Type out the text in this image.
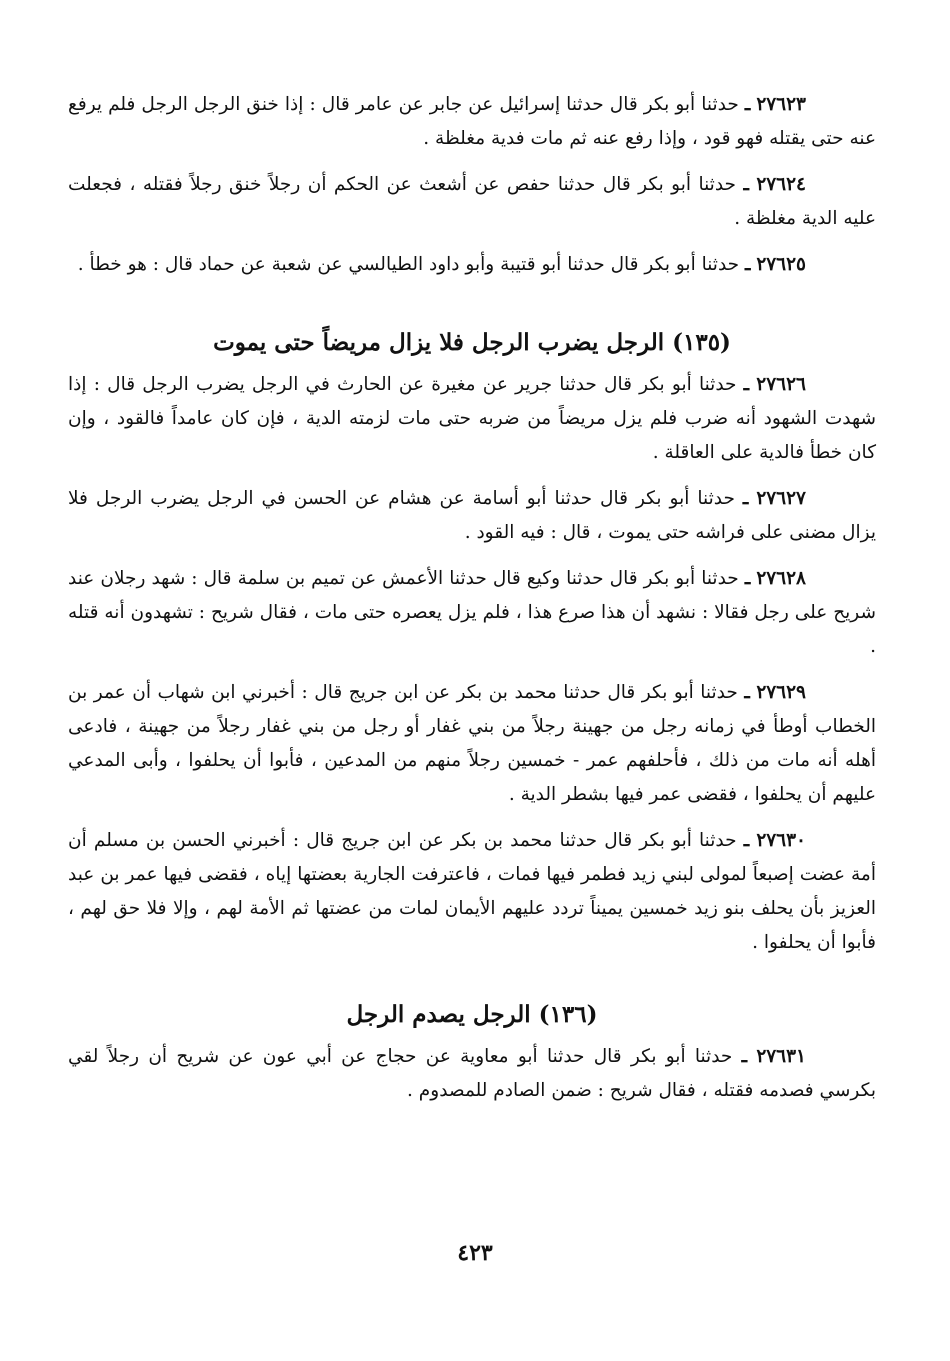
٢٧٦٢٣ ـ حدثنا أبو بكر قال حدثنا إسرائيل عن جابر عن عامر قال : إذا خنق الرجل الرجل فلم يرفع عنه حتى يقتله فهو قود ، وإذا رفع عنه ثم مات فدية مغلظة .

٢٧٦٢٤ ـ حدثنا أبو بكر قال حدثنا حفص عن أشعث عن الحكم أن رجلاً خنق رجلاً فقتله ، فجعلت عليه الدية مغلظة .

٢٧٦٢٥ ـ حدثنا أبو بكر قال حدثنا أبو قتيبة وأبو داود الطيالسي عن شعبة عن حماد قال : هو خطأ .

(١٣٥) الرجل يضرب الرجل فلا يزال مريضاً حتى يموت

٢٧٦٢٦ ـ حدثنا أبو بكر قال حدثنا جرير عن مغيرة عن الحارث في الرجل يضرب الرجل قال : إذا شهدت الشهود أنه ضرب فلم يزل مريضاً من ضربه حتى مات لزمته الدية ، فإن كان عامداً فالقود ، وإن كان خطأ فالدية على العاقلة .

٢٧٦٢٧ ـ حدثنا أبو بكر قال حدثنا أبو أسامة عن هشام عن الحسن في الرجل يضرب الرجل فلا يزال مضنى على فراشه حتى يموت ، قال : فيه القود .

٢٧٦٢٨ ـ حدثنا أبو بكر قال حدثنا وكيع قال حدثنا الأعمش عن تميم بن سلمة قال : شهد رجلان عند شريح على رجل فقالا : نشهد أن هذا صرع هذا ، فلم يزل يعصره حتى مات ، فقال شريح : تشهدون أنه قتله .

٢٧٦٢٩ ـ حدثنا أبو بكر قال حدثنا محمد بن بكر عن ابن جريج قال : أخبرني ابن شهاب أن عمر بن الخطاب أوطأ في زمانه رجل من جهينة رجلاً من بني غفار أو رجل من بني غفار رجلاً من جهينة ، فادعى أهله أنه مات من ذلك ، فأحلفهم عمر - خمسين رجلاً منهم من المدعين ، فأبوا أن يحلفوا ، وأبى المدعي عليهم أن يحلفوا ، فقضى عمر فيها بشطر الدية .

٢٧٦٣٠ ـ حدثنا أبو بكر قال حدثنا محمد بن بكر عن ابن جريج قال : أخبرني الحسن بن مسلم أن أمة عضت إصبعاً لمولى لبني زيد فطمر فيها فمات ، فاعترفت الجارية بعضتها إياه ، فقضى فيها عمر بن عبد العزيز بأن يحلف بنو زيد خمسين يميناً تردد عليهم الأيمان لمات من عضتها ثم الأمة لهم ، وإلا فلا حق لهم ، فأبوا أن يحلفوا .

(١٣٦) الرجل يصدم الرجل

٢٧٦٣١ ـ حدثنا أبو بكر قال حدثنا أبو معاوية عن حجاج عن أبي عون عن شريح أن رجلاً لقي بكرسي فصدمه فقتله ، فقال شريح : ضمن الصادم للمصدوم .

٤٢٣
